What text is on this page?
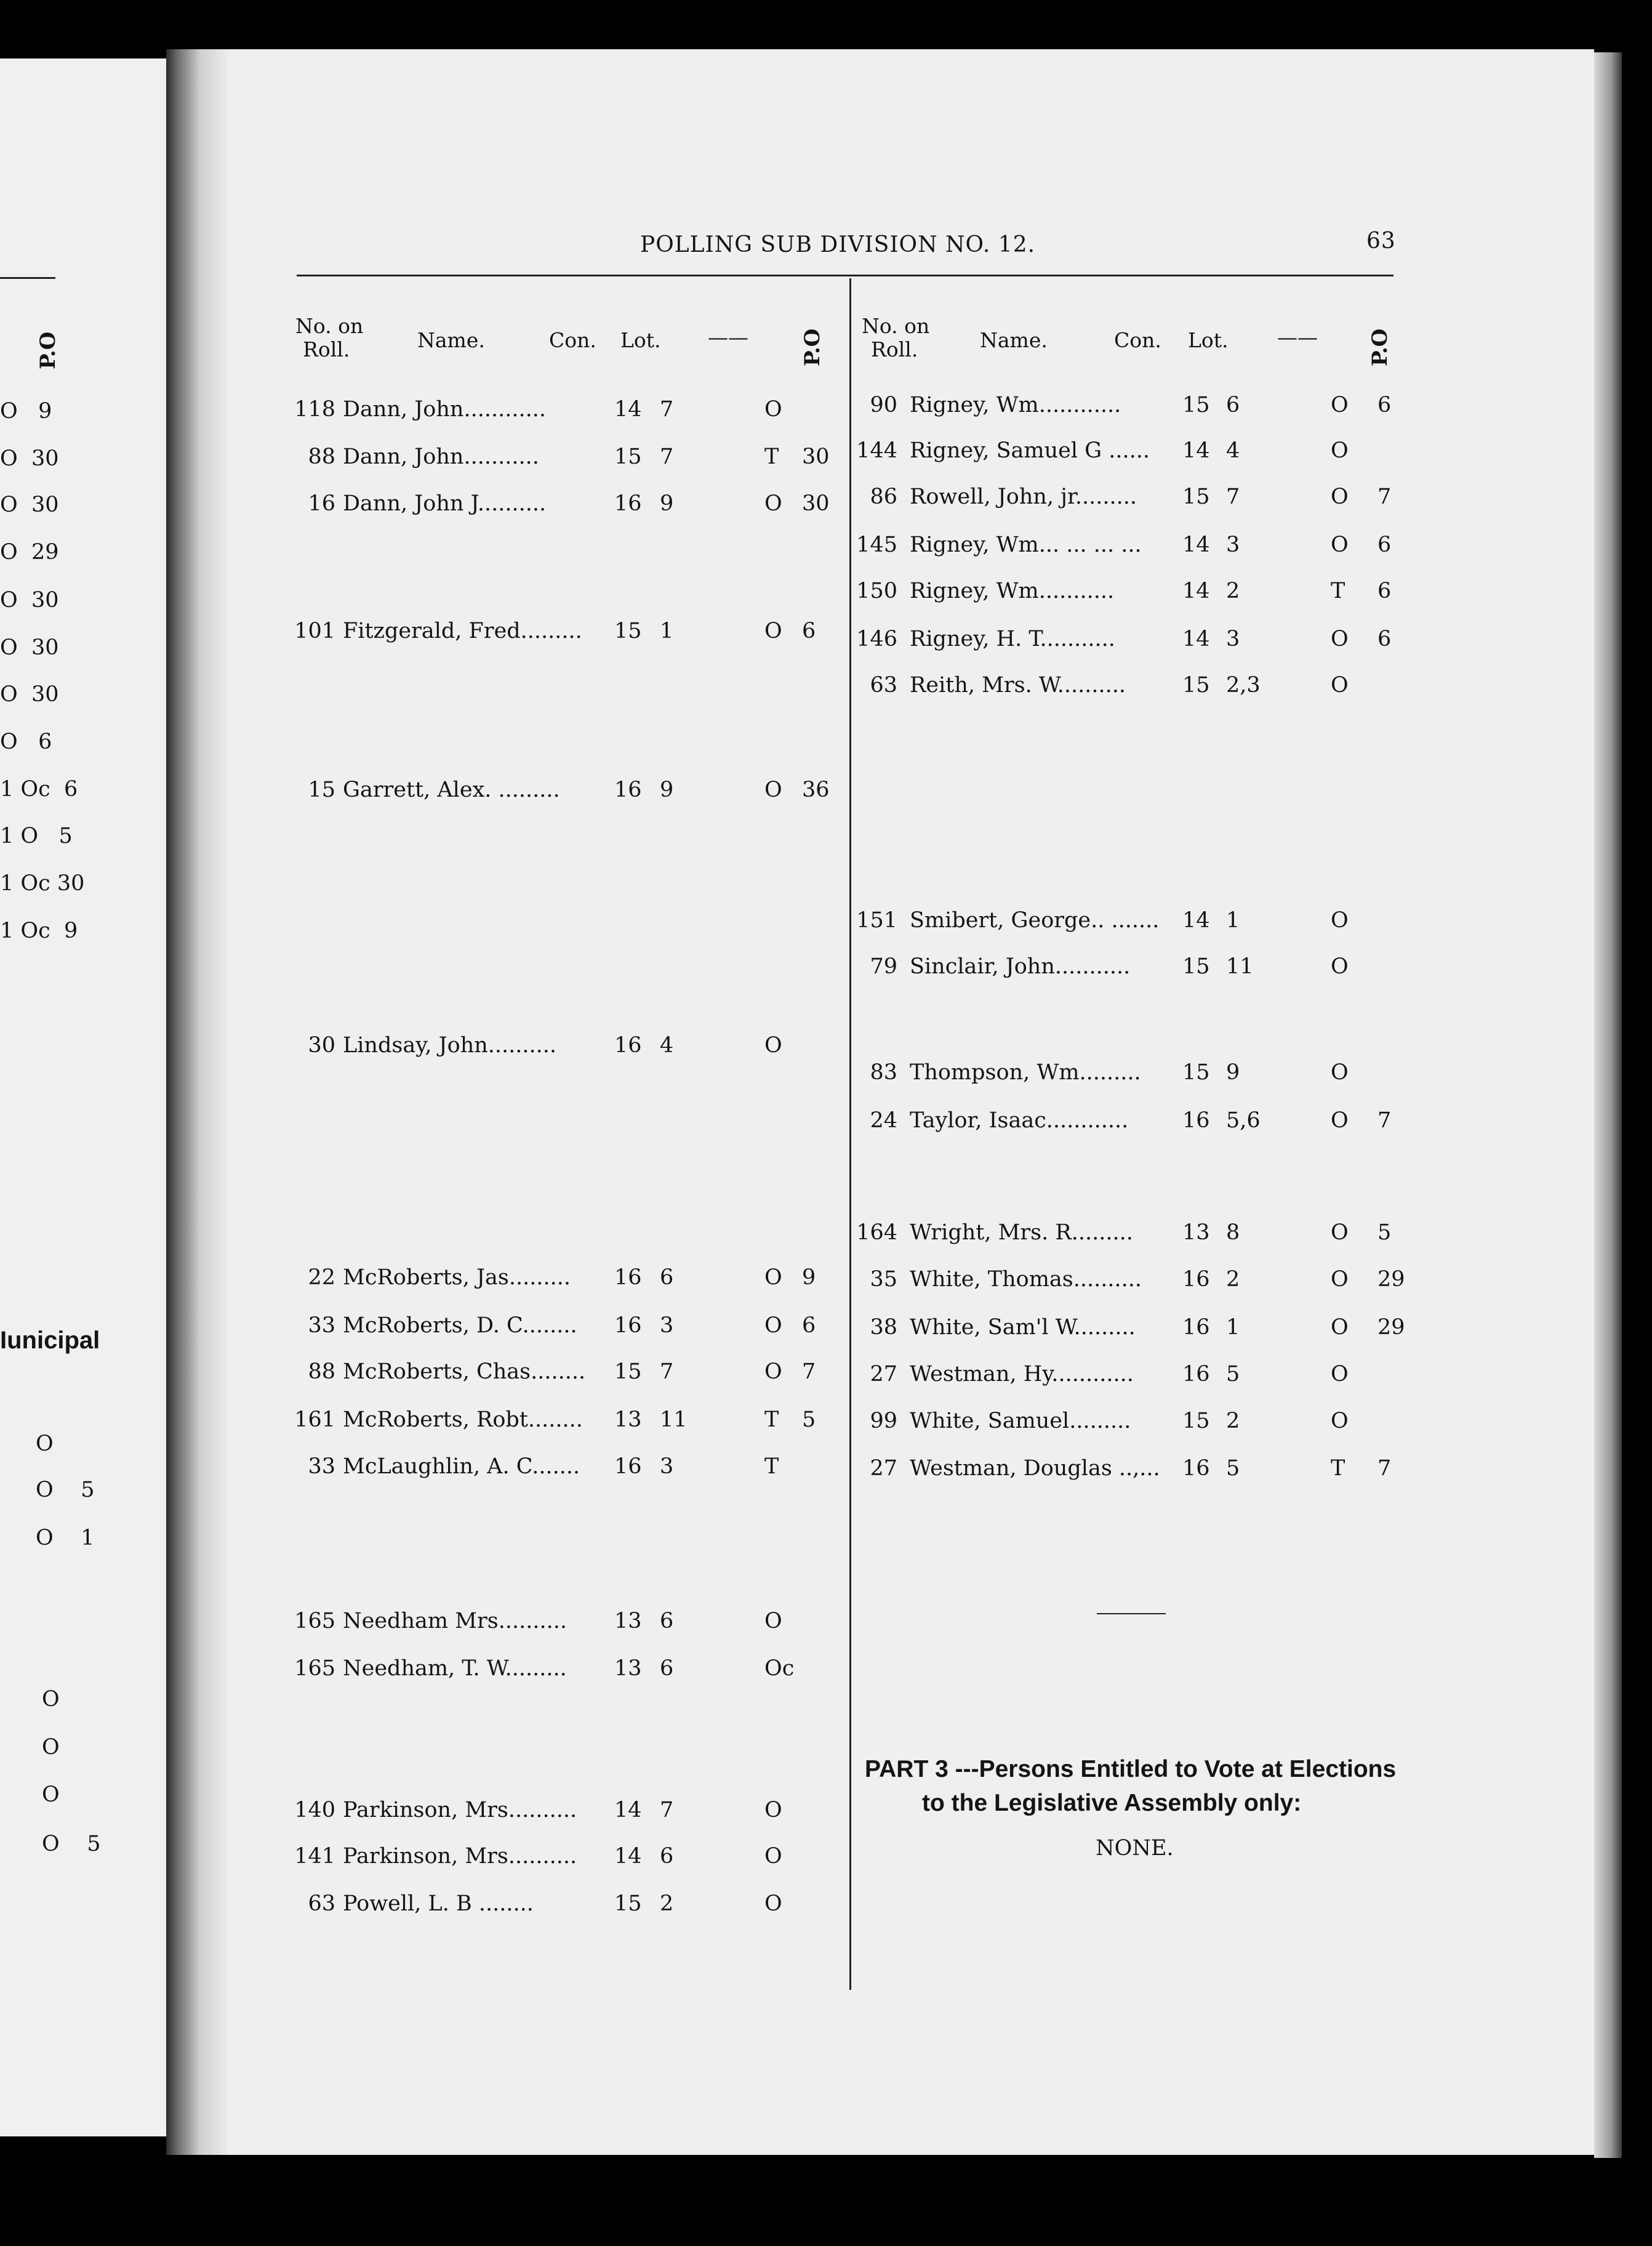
P.O
O   9
O  30
O  30
O  29
O  30
O  30
O  30
O   6
1 Oc  6
1 O   5
1 Oc 30
1 Oc  9
Iunicipal
O
O    5
O    1
O
O
O
O    5
POLLING SUB DIVISION NO. 12.	63
No. on
Roll.	Name.	Con. Lot. —— P.O
No. on
Roll.	Name.	Con. Lot. —— P.O
118 Dann, John............	14 7	O
88 Dann, John...........	15 7	T 30
16 Dann, John J..........	16 9	O 30
101 Fitzgerald, Fred......... 15 1	O 6
15 Garrett, Alex. .........	16 9	O 36
30 Lindsay, John..........	16 4	O
22 McRoberts, Jas......... 16 6	O 9
33 McRoberts, D. C........ 16 3	O 6
88 McRoberts, Chas........ 15 7	O 7
161 McRoberts, Robt........ 13 11	T 5
33 McLaughlin, A. C....... 16 3	T
165 Needham Mrs.......... 13 6	O
165 Needham, T. W......... 13 6	Oc
140 Parkinson, Mrs.......... 14 7	O
141 Parkinson, Mrs.......... 14 6	O
63 Powell, L. B ........	15 2	O
90 Rigney, Wm............	15 6	O 6
144 Rigney, Samuel G ...... 14 4	O
86 Rowell, John, jr......... 15 7	O 7
145 Rigney, Wm... ... ... ... 14 3	O 6
150 Rigney, Wm...........	14 2	T 6
146 Rigney, H. T...........	14 3	O 6
63 Reith, Mrs. W..........	15 2,3	O
151 Smibert, George.. ....... 14 1	O
79 Sinclair, John........... 15 11	O
83 Thompson, Wm......... 15 9	O
24 Taylor, Isaac............	16 5,6	O 7
164 Wright, Mrs. R......... 13 8	O 5
35 White, Thomas.......... 16 2	O 29
38 White, Sam'l W......... 16 1	O 29
27 Westman, Hy............ 16 5	O
99 White, Samuel......... 15 2	O
27 Westman, Douglas ..,... 16 5	T 7
PART 3 ---Persons Entitled to Vote at Elections
to the Legislative Assembly only:
NONE.
